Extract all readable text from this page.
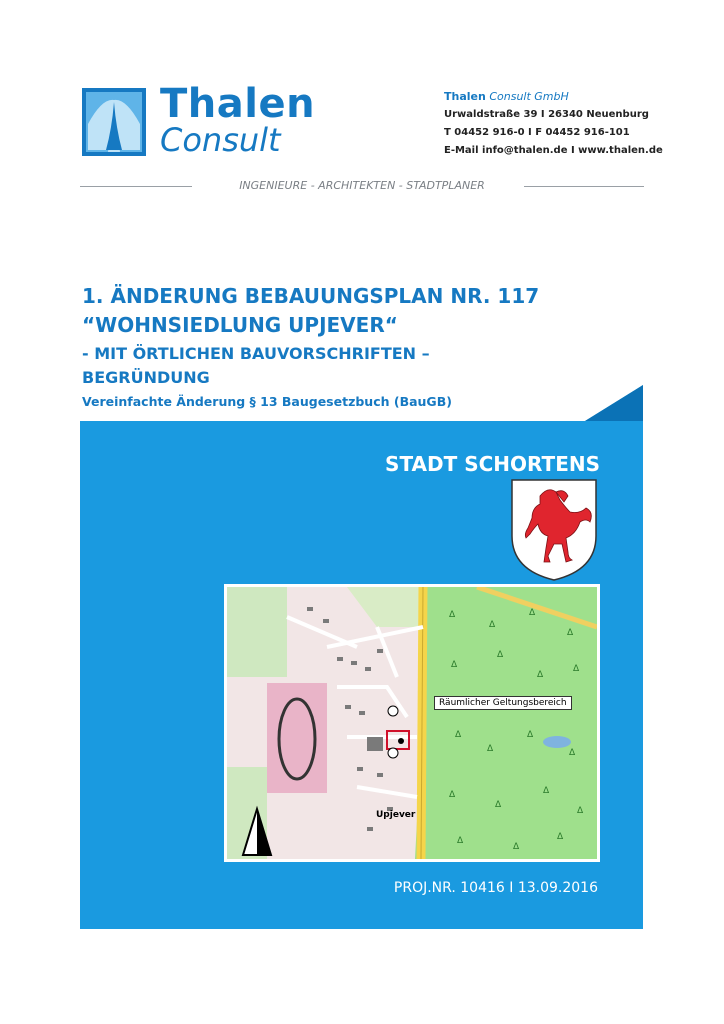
Thalen
Consult
Thalen Consult GmbH
Urwaldstraße 39 I 26340 Neuenburg
T 04452 916-0 I F 04452 916-101
E-Mail info@thalen.de I www.thalen.de
INGENIEURE - ARCHITEKTEN - STADTPLANER
1. ÄNDERUNG BEBAUUNGSPLAN NR. 117
“WOHNSIEDLUNG UPJEVER“
- MIT ÖRTLICHEN BAUVORSCHRIFTEN –
BEGRÜNDUNG
Vereinfachte Änderung § 13 Baugesetzbuch (BauGB)
STADT SCHORTENS
Δ
Δ
Δ
Δ
Δ
Δ
Δ
Δ
Δ
Δ
Δ
Δ
Δ
Δ
Δ
Δ
Δ
Δ
Δ
Räumlicher Geltungsbereich
Upjever
PROJ.NR. 10416 I 13.09.2016
